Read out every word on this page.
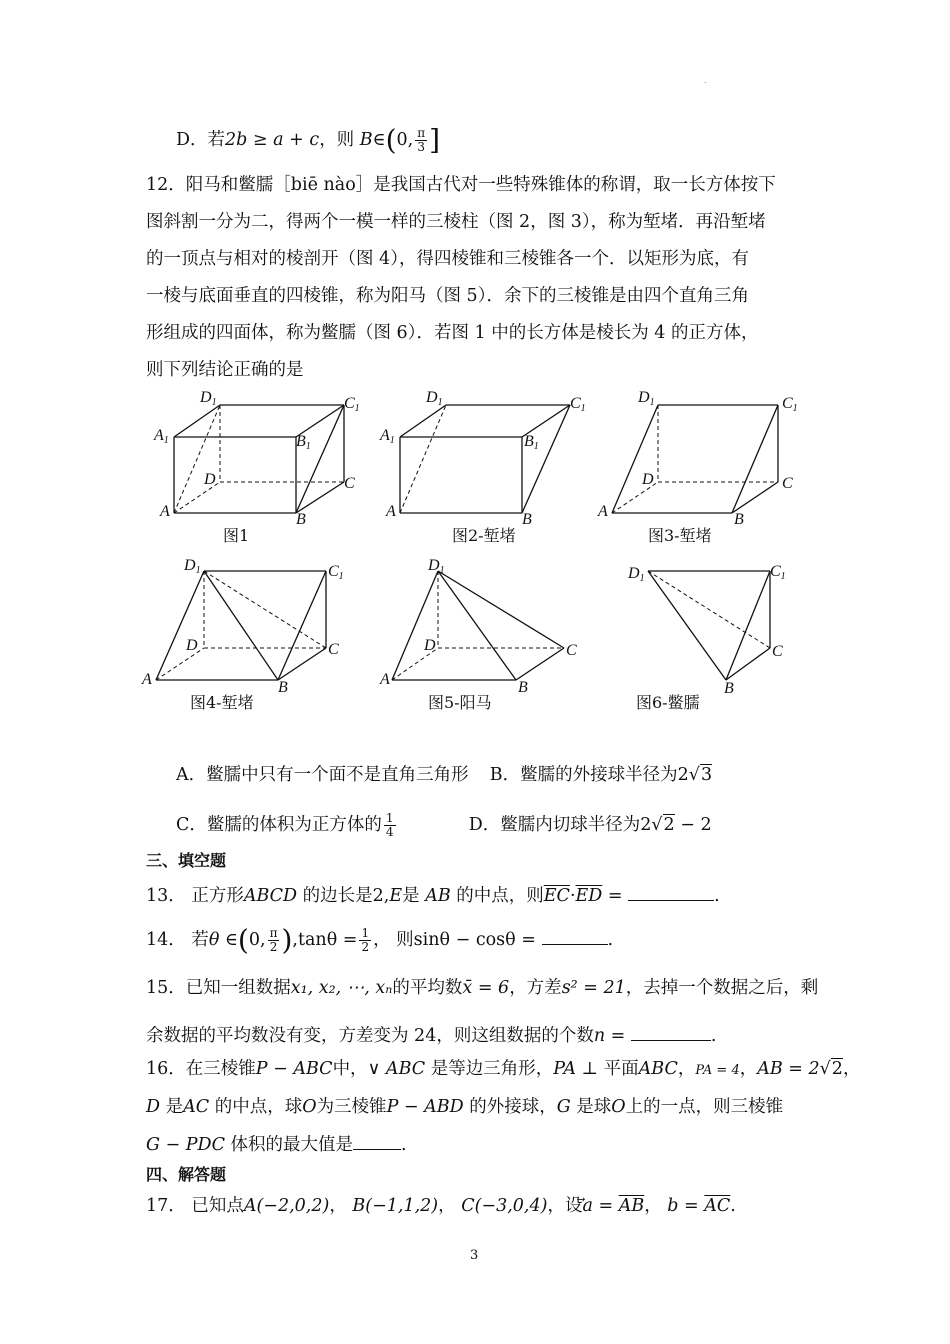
.
D．若2b ≥ a + c，则 B∈(0, $\frac{\pi}{3}$ ]
12．阳马和鳖臑［biē nào］是我国古代对一些特殊锥体的称谓，取一长方体按下
图斜割一分为二，得两个一模一样的三棱柱（图 2，图 3），称为堑堵．再沿堑堵
的一顶点与相对的棱剖开（图 4），得四棱锥和三棱锥各一个．以矩形为底，有
一棱与底面垂直的四棱锥，称为阳马（图 5）．余下的三棱锥是由四个直角三角
形组成的四面体，称为鳖臑（图 6）．若图 1 中的长方体是棱长为 4 的正方体，
则下列结论正确的是
D1	C1
A1	B1
D	C
A	B
图1
D1	C1
A1	B1
A	B
图2-堑堵
D1	C1
D	C
A	B
图3-堑堵
D1	C1
D	C
A	B
图4-堑堵
D1
D	C
A	B
图5-阳马
D1	C1
C
B
图6-鳖臑
A．鳖臑中只有一个面不是直角三角形 B．鳖臑的外接球半径为2√3
C．鳖臑的体积为正方体的 $\frac{1}{4}$	D．鳖臑内切球半径为2√2 − 2
三、填空题
13． 正方形ABCD 的边长是2,E是 AB 的中点，则$\overline{EC}\cdot\overline{ED}$ =	.
14． 若θ ∈(0, $\frac{\pi}{2} ),\tan\theta = \frac{1}{2}$ ， 则sinθ − cosθ =	.
15．已知一组数据x₁, x₂, ⋯, xₙ的平均数x̄ = 6，方差s² = 21，去掉一个数据之后，剩
余数据的平均数没有变，方差变为 24，则这组数据的个数n =	.
16．在三棱锥P − ABC中，∨ ABC 是等边三角形，PA ⊥ 平面ABC，PA = 4，AB = 2√2，
D 是AC 的中点，球O为三棱锥P − ABD 的外接球，G 是球O上的一点，则三棱锥
G − PDC 体积的最大值是	.
四、解答题
17． 已知点A(−2,0,2)， B(−1,1,2)， C(−3,0,4)，设$a = \overline{AB}$， $b = \overline{AC}$.
3
